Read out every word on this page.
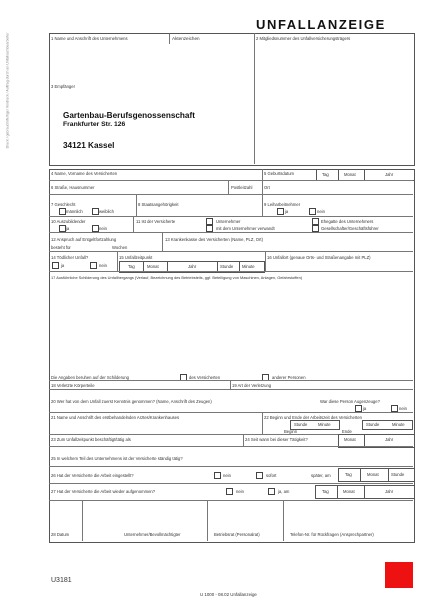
Druck / gebrauchsfertiger Vordruck / Auftrag durch an Unfallsachbearbeiter
UNFALLANZEIGE
1 Name und Anschrift des Unternehmens	Aktenzeichen	2 Mitgliedsnummer des Unfallversicherungsträgers
3 Empfänger
Gartenbau-Berufsgenossenschaft
Frankfurter Str. 126
34121 Kassel
4 Name, Vorname des Versicherten	5 Geburtsdatum	Tag	Monat	Jahr
6 Straße, Hausnummer	Postleitzahl	Ort
7 Geschlecht
männlich	weiblich
8 Staatsangehörigkeit	9 Leiharbeitnehmer
ja	nein
10 Auszubildender
ja	nein
11 Ist der Versicherte	Unternehmer	Ehegatte des Unternehmers
mit dem Unternehmer verwandt	Gesellschafter/Geschäftsführer
12 Anspruch auf Entgeltfortzahlung
besteht für	Wochen
13 Krankenkasse des Versicherten (Name, PLZ, Ort)
14 Tödlicher Unfall?
ja	nein
15 Unfallzeitpunkt
Tag	Monat	Jahr	Stunde Minute
16 Unfallort (genaue Orts- und Straßenangabe mit PLZ)
17 Ausführliche Schilderung des Unfallhergangs (Verlauf, Bezeichnung des Betriebsteils, ggf. Beteiligung von Maschinen, Anlagen, Gefahrstoffen)
Die Angaben beruhen auf der Schilderung	des Versicherten	anderer Personen
18 Verletzte Körperteile	19 Art der Verletzung
20 Wer hat von dem Unfall zuerst Kenntnis genommen? (Name, Anschrift des Zeugen)	War diese Person Augenzeuge?
ja	nein
21 Name und Anschrift des erstbehandelnden Arztes/Krankenhauses	22 Beginn und Ende der Arbeitszeit des Versicherten
Stunde	Minute	Stunde	Minute
Beginn	Ende
23 Zum Unfallzeitpunkt beschäftigt/tätig als	24 Seit wann bei dieser Tätigkeit?	Monat	Jahr
25 In welchem Teil des Unternehmens ist der Versicherte ständig tätig?
26 Hat der Versicherte die Arbeit eingestellt?	nein	sofort	später, am	Tag	Monat	Stunde
27 Hat der Versicherte die Arbeit wieder aufgenommen?	nein	ja, am	Tag	Monat	Jahr
28 Datum	Unternehmer/Bevollmächtigter	Betriebsrat (Personalrat)	Telefon-Nr. für Rückfragen (Ansprechpartner)
U3181
U 1000 - 08.02 Unfallanzeige
